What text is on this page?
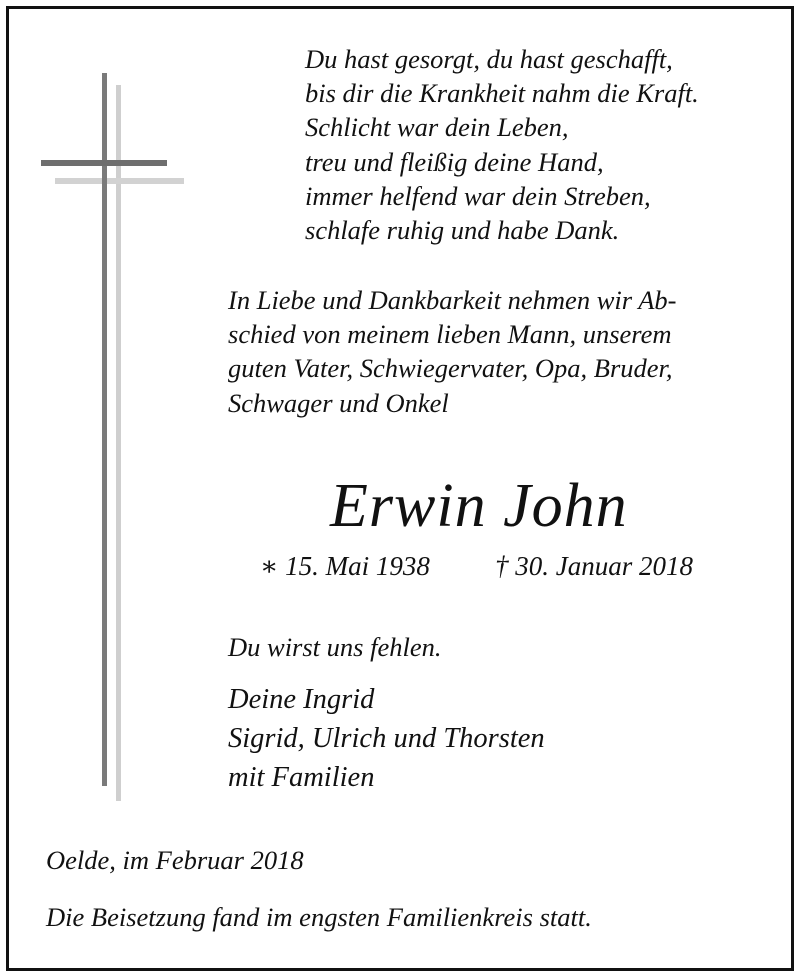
Du hast gesorgt, du hast geschafft,
bis dir die Krankheit nahm die Kraft.
Schlicht war dein Leben,
treu und fleißig deine Hand,
immer helfend war dein Streben,
schlafe ruhig und habe Dank.
In Liebe und Dankbarkeit nehmen wir Ab-
schied von meinem lieben Mann, unserem
guten Vater, Schwiegervater, Opa, Bruder,
Schwager und Onkel
Erwin John
∗ 15. Mai 1938 † 30. Januar 2018
Du wirst uns fehlen.
Deine Ingrid
Sigrid, Ulrich und Thorsten
mit Familien
Oelde, im Februar 2018
Die Beisetzung fand im engsten Familienkreis statt.
